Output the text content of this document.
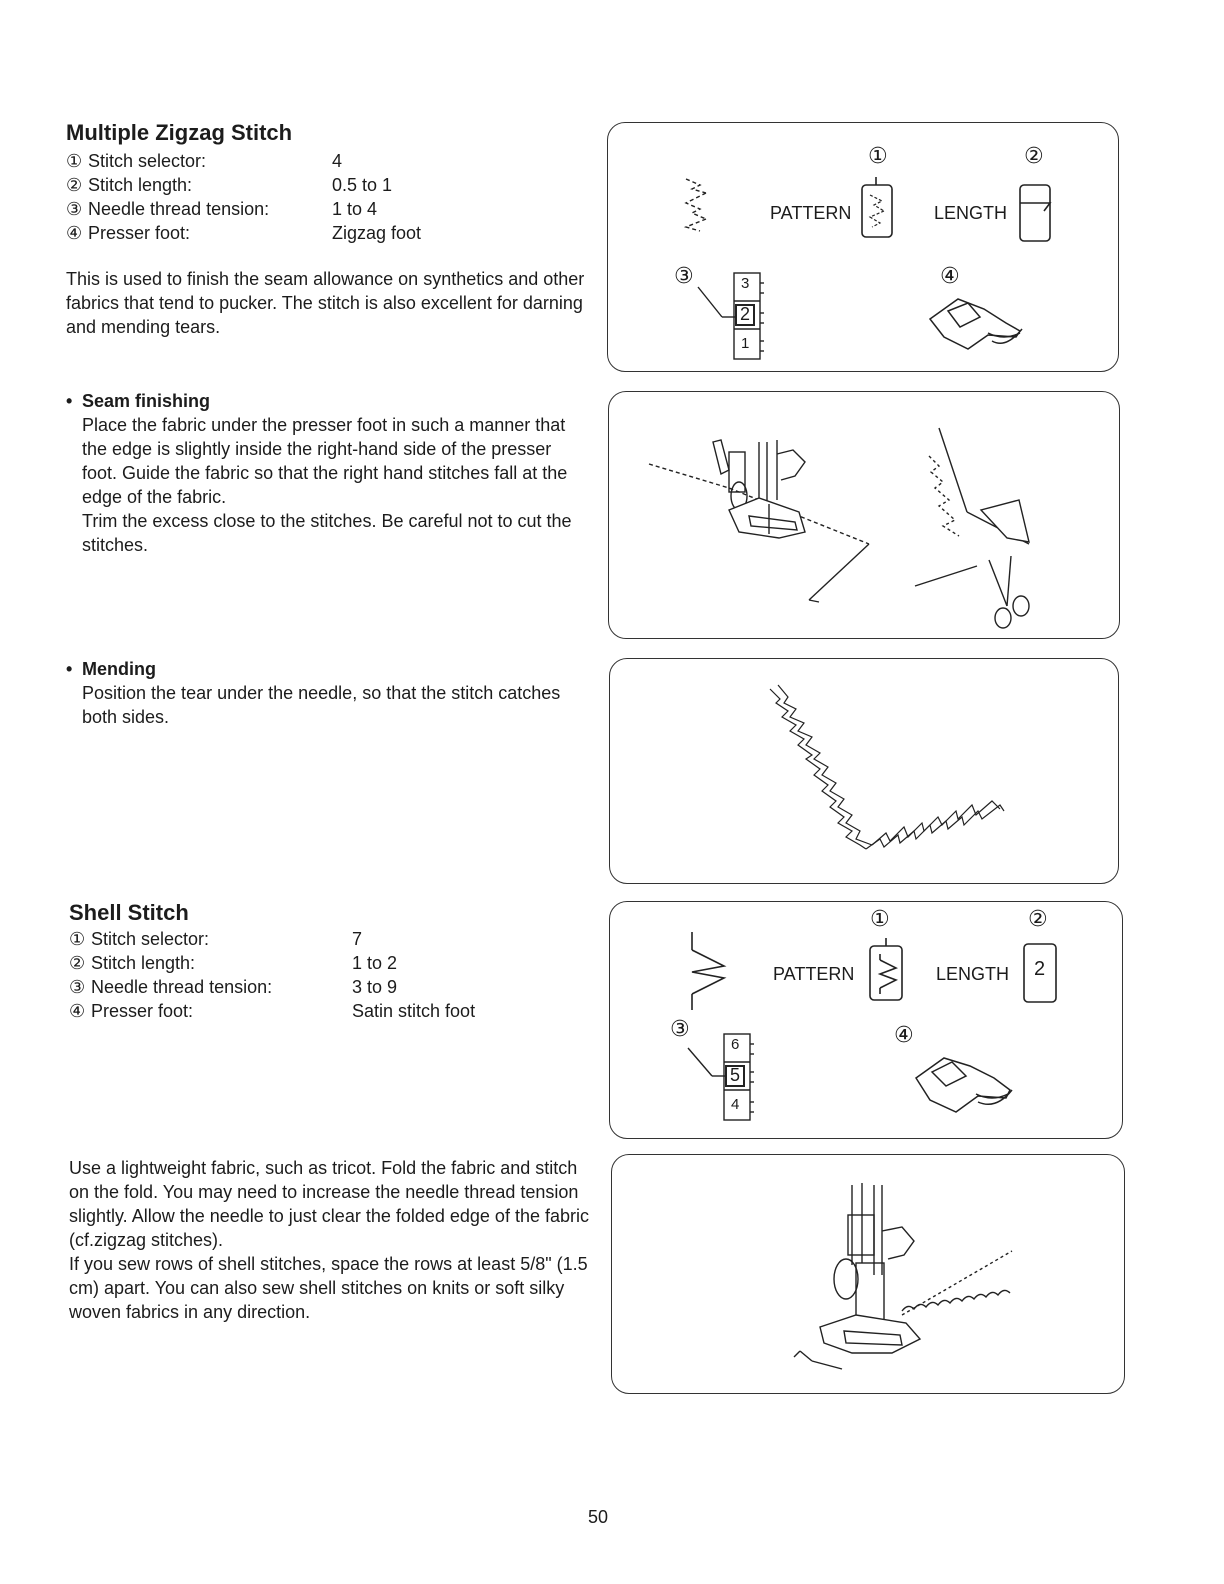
Multiple Zigzag Stitch
① Stitch selector:	4
② Stitch length:	0.5 to 1
③ Needle thread tension:	1 to 4
④ Presser foot:	Zigzag foot
This is used to finish the seam allowance on synthetics and other fabrics that tend to pucker. The stitch is also excellent for darning and mending tears.
• Seam finishing
Place the fabric under the presser foot in such a manner that the edge is slightly inside the right-hand side of the presser foot. Guide the fabric so that the right hand stitches fall at the edge of the fabric.
Trim the excess close to the stitches. Be careful not to cut the stitches.
• Mending
Position the tear under the needle, so that the stitch catches both sides.
①	②
③	④
PATTERN	LENGTH
3
2
1
Shell Stitch
① Stitch selector:	7
② Stitch length:	1 to 2
③ Needle thread tension:	3 to 9
④ Presser foot:	Satin stitch foot
Use a lightweight fabric, such as tricot. Fold the fabric and stitch on the fold. You may need to increase the needle thread tension slightly. Allow the needle to just clear the folded edge of the fabric (cf.zigzag stitches).
If you sew rows of shell stitches, space the rows at least 5/8" (1.5 cm) apart. You can also sew shell stitches on knits or soft silky woven fabrics in any direction.
①	②
③	④
PATTERN	LENGTH 2
6
5
4
50
